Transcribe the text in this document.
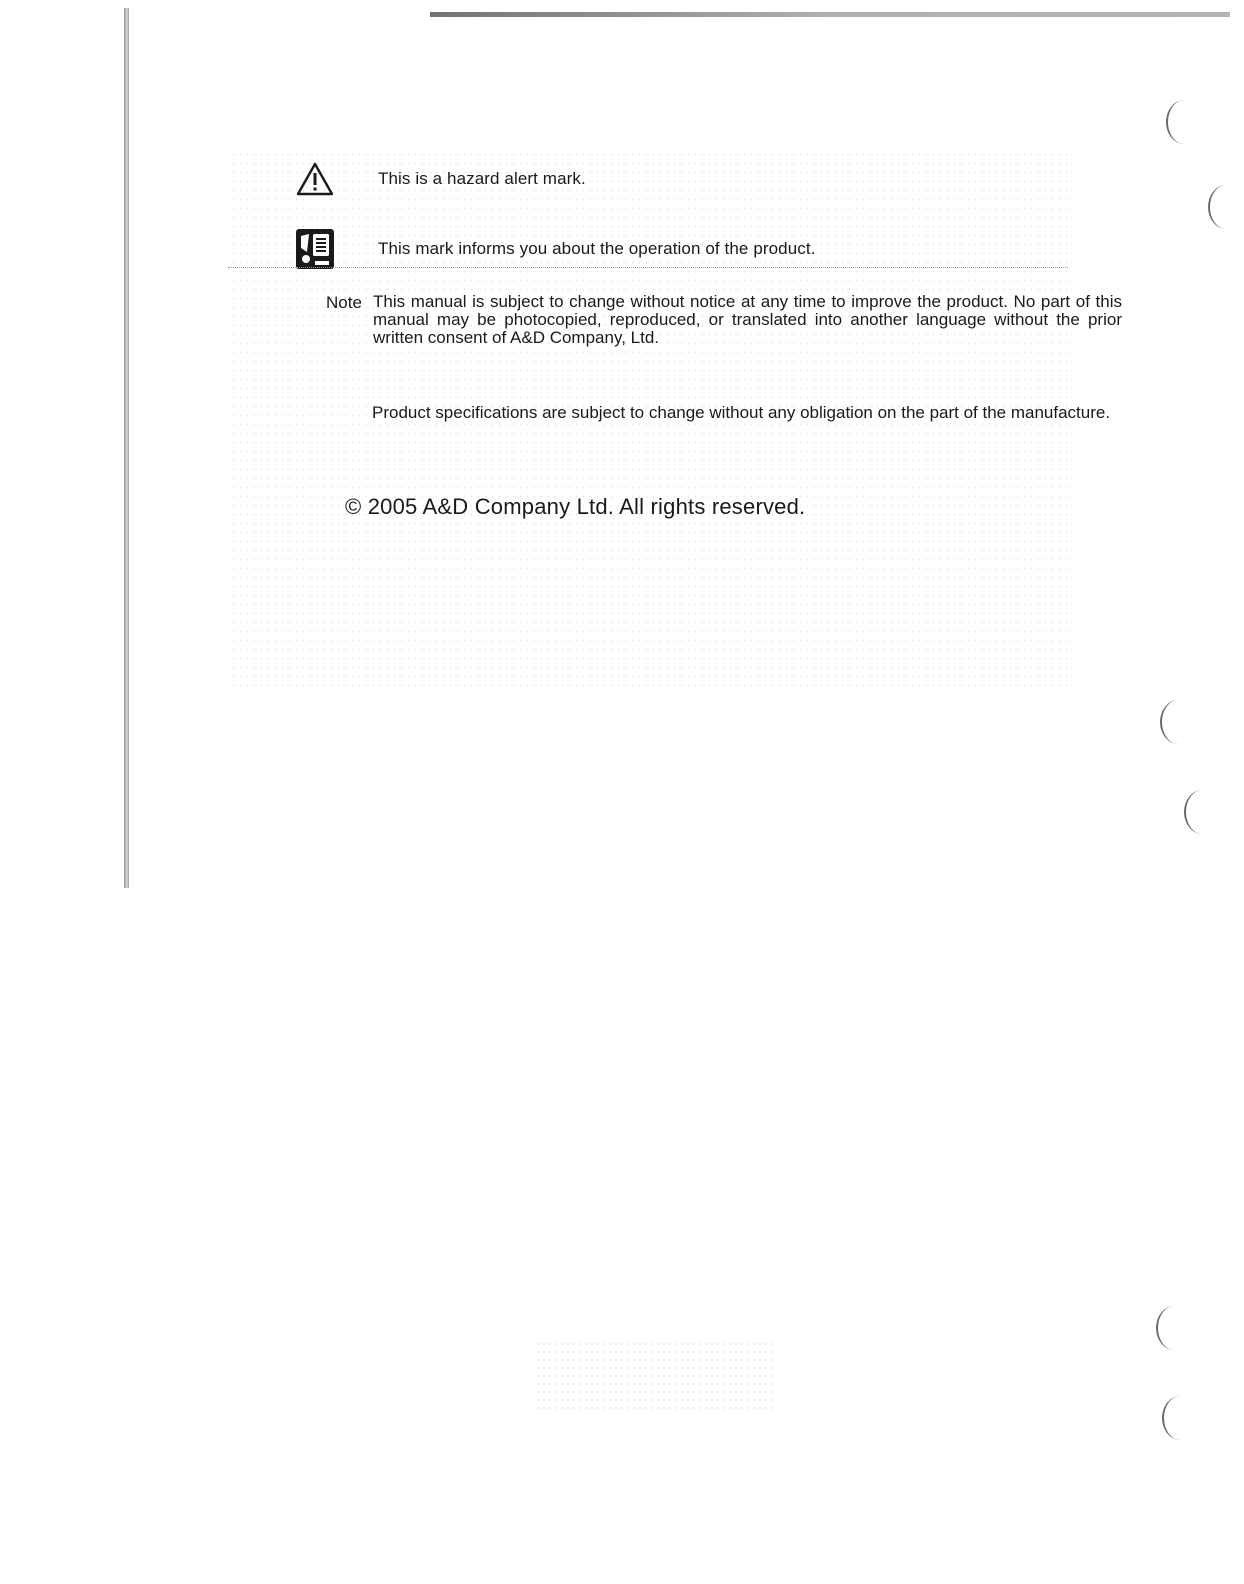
This is a hazard alert mark.
This mark informs you about the operation of the product.
Note This manual is subject to change without notice at any time to improve the product. No part of this manual may be photocopied, reproduced, or translated into another language without the prior written consent of A&D Company, Ltd.
Product specifications are subject to change without any obligation on the part of the manufacture.
© 2005 A&D Company Ltd. All rights reserved.
